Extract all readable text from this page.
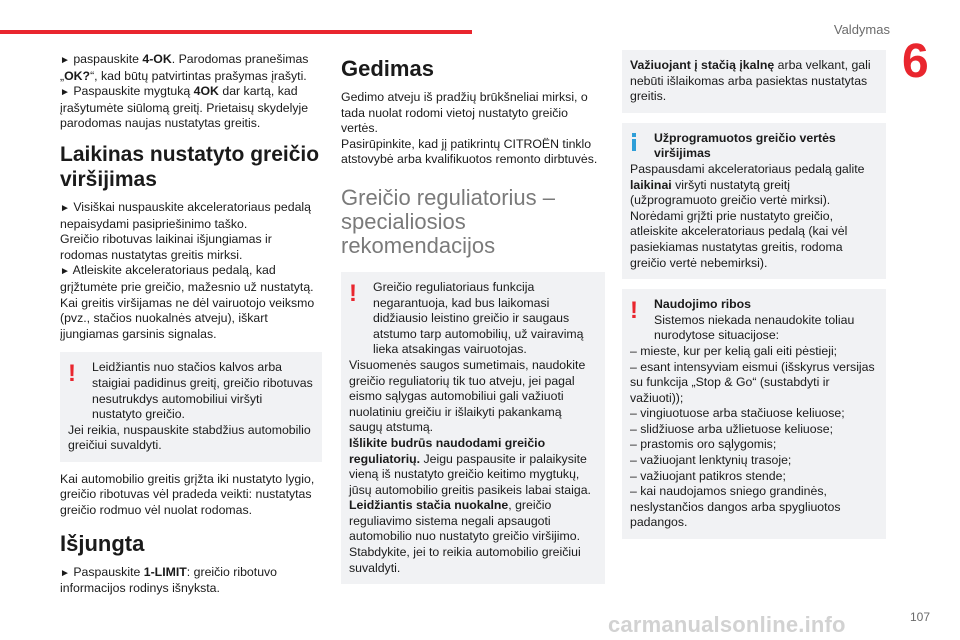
Valdymas
6

► paspauskite 4-OK. Parodomas pranešimas „OK?“, kad būtų patvirtintas prašymas įrašyti.

► Paspauskite mygtuką 4OK dar kartą, kad įrašytumėte siūlomą greitį. Prietaisų skydelyje parodomas naujas nustatytas greitis.

Laikinas nustatyto greičio viršijimas

► Visiškai nuspauskite akceleratoriaus pedalą nepaisydami pasipriešinimo taško.

Greičio ribotuvas laikinai išjungiamas ir rodomas nustatytas greitis mirksi.

► Atleiskite akceleratoriaus pedalą, kad grįžtumėte prie greičio, mažesnio už nustatytą.

Kai greitis viršijamas ne dėl vairuotojo veiksmo (pvz., stačios nuokalnės atveju), iškart įjungiamas garsinis signalas.

!	Leidžiantis nuo stačios kalvos arba staigiai padidinus greitį, greičio ribotuvas nesutrukdys automobiliui viršyti nustatyto greičio.

Jei reikia, nuspauskite stabdžius automobilio greičiui suvaldyti.

Kai automobilio greitis grįžta iki nustatyto lygio, greičio ribotuvas vėl pradeda veikti: nustatytas greičio rodmuo vėl nuolat rodomas.

Išjungta

► Paspauskite 1-LIMIT: greičio ribotuvo informacijos rodinys išnyksta.

Gedimas

Gedimo atveju iš pradžių brūkšneliai mirksi, o tada nuolat rodomi vietoj nustatyto greičio vertės.

Pasirūpinkite, kad jį patikrintų CITROËN tinklo atstovybė arba kvalifikuotos remonto dirbtuvės.

Greičio reguliatorius – specialiosios rekomendacijos
!	Greičio reguliatoriaus funkcija negarantuoja, kad bus laikomasi didžiausio leistino greičio ir saugaus atstumo tarp automobilių, už vairavimą lieka atsakingas vairuotojas.

Visuomenės saugos sumetimais, naudokite greičio reguliatorių tik tuo atveju, jei pagal eismo sąlygas automobiliui gali važiuoti nuolatiniu greičiu ir išlaikyti pakankamą saugų atstumą.

Išlikite budrūs naudodami greičio reguliatorių. Jeigu paspausite ir palaikysite vieną iš nustatyto greičio keitimo mygtukų, jūsų automobilio greitis pasikeis labai staiga.

Leidžiantis stačia nuokalne, greičio reguliavimo sistema negali apsaugoti automobilio nuo nustatyto greičio viršijimo. Stabdykite, jei to reikia automobilio greičiui suvaldyti.

Važiuojant į stačią įkalnę arba velkant, gali nebūti išlaikomas arba pasiektas nustatytas greitis.

Užprogramuotos greičio vertės viršijimas

Paspausdami akceleratoriaus pedalą galite laikinai viršyti nustatytą greitį (užprogramuoto greičio vertė mirksi).

Norėdami grįžti prie nustatyto greičio, atleiskite akceleratoriaus pedalą (kai vėl pasiekiamas nustatytas greitis, rodoma greičio vertė nebemirksi).

!	Naudojimo ribos

Sistemos niekada nenaudokite toliau nurodytose situacijose:

– mieste, kur per kelią gali eiti pėstieji;

– esant intensyviam eismui (išskyrus versijas su funkcija „Stop & Go“ (sustabdyti ir važiuoti));

– vingiuotuose arba stačiuose keliuose;

– slidžiuose arba užlietuose keliuose;

– prastomis oro sąlygomis;

– važiuojant lenktynių trasoje;

– važiuojant patikros stende;

– kai naudojamos sniego grandinės, neslystančios dangos arba spygliuotos padangos.

carmanualsonline.info	107
